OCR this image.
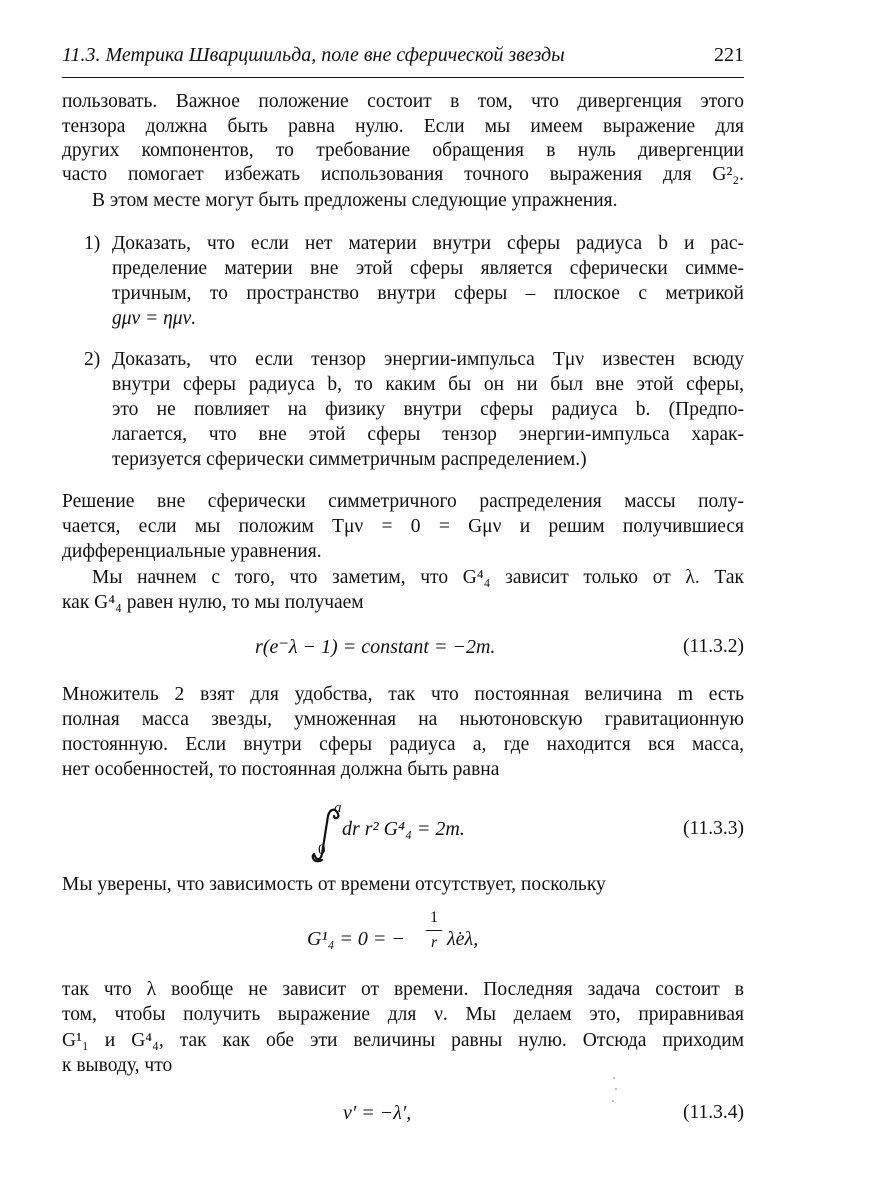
11.3. Метрика Шварцшильда, поле вне сферической звезды	221
пользовать. Важное положение состоит в том, что дивергенция этого
тензора должна быть равна нулю. Если мы имеем выражение для
других компонентов, то требование обращения в нуль дивергенции
часто помогает избежать использования точного выражения для G²₂.
В этом месте могут быть предложены следующие упражнения.
1) Доказать, что если нет материи внутри сферы радиуса b и рас-
пределение материи вне этой сферы является сферически симме-
тричным, то пространство внутри сферы – плоское с метрикой
gμν = ημν.
2) Доказать, что если тензор энергии-импульса Tμν известен всюду
внутри сферы радиуса b, то каким бы он ни был вне этой сферы,
это не повлияет на физику внутри сферы радиуса b. (Предпо-
лагается, что вне этой сферы тензор энергии-импульса харак-
теризуется сферически симметричным распределением.)
Решение вне сферически симметричного распределения массы полу-
чается, если мы положим Tμν = 0 = Gμν и решим получившиеся
дифференциальные уравнения.
Мы начнем с того, что заметим, что G⁴₄ зависит только от λ. Так
как G⁴₄ равен нулю, то мы получаем
r(e⁻λ − 1) = constant = −2m.	(11.3.2)
Множитель 2 взят для удобства, так что постоянная величина m есть
полная масса звезды, умноженная на ньютоновскую гравитационную
постоянную. Если внутри сферы радиуса a, где находится вся масса,
нет особенностей, то постоянная должна быть равна
a
0
dr r² G⁴₄ = 2m.	(11.3.3)
Мы уверены, что зависимость от времени отсутствует, поскольку
G¹₄ = 0 = −
1
r λ̇eλ,
так что λ вообще не зависит от времени. Последняя задача состоит в
том, чтобы получить выражение для ν. Мы делаем это, приравнивая
G¹₁ и G⁴₄, так как обе эти величины равны нулю. Отсюда приходим
к выводу, что
ν′ = −λ′,	(11.3.4)
